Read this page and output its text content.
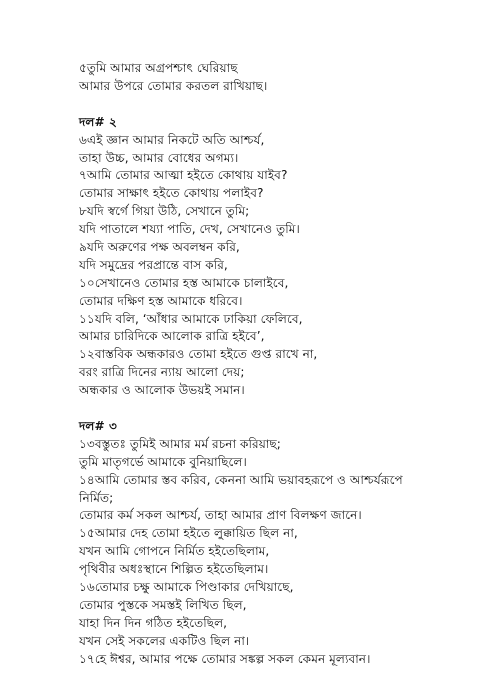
৫তুমি আমার অগ্রপশ্চাৎ ঘেরিয়াছ
আমার উপরে তোমার করতল রাখিয়াছ।
দল# ২
৬এই জ্ঞান আমার নিকটে অতি আশ্চর্য,
তাহা উচ্চ, আমার বোধের অগম্য।
৭আমি তোমার আত্মা হইতে কোথায় যাইব?
তোমার সাক্ষাৎ হইতে কোথায় পলাইব?
৮যদি স্বর্গে গিয়া উঠি, সেখানে তুমি;
যদি পাতালে শয্যা পাতি, দেখ, সেখানেও তুমি।
৯যদি অরুণের পক্ষ অবলম্বন করি,
যদি সমুদ্রের পরপ্রান্তে বাস করি,
১০সেখানেও তোমার হস্ত আমাকে চালাইবে,
তোমার দক্ষিণ হস্ত আমাকে ধরিবে।
১১যদি বলি, ‘আঁধার আমাকে ঢাকিয়া ফেলিবে,
আমার চারিদিকে আলোক রাত্রি হইবে’,
১২বাস্তবিক অন্ধকারও তোমা হইতে গুপ্ত রাখে না,
বরং রাত্রি দিনের ন্যায় আলো দেয়;
অন্ধকার ও আলোক উভয়ই সমান।
দল# ৩
১৩বস্তুতঃ তুমিই আমার মর্ম রচনা করিয়াছ;
তুমি মাতৃগর্ভে আমাকে বুনিয়াছিলে।
১৪আমি তোমার স্তব করিব, কেননা আমি ভয়াবহরূপে ও আশ্চর্যরূপে
নির্মিত;
তোমার কর্ম সকল আশ্চর্য, তাহা আমার প্রাণ বিলক্ষণ জানে।
১৫আমার দেহ তোমা হইতে লুক্কায়িত ছিল না,
যখন আমি গোপনে নির্মিত হইতেছিলাম,
পৃথিবীর অধঃস্থানে শিল্পিত হইতেছিলাম।
১৬তোমার চক্ষু আমাকে পিণ্ডাকার দেখিয়াছে,
তোমার পুস্তকে সমস্তই লিখিত ছিল,
যাহা দিন দিন গঠিত হইতেছিল,
যখন সেই সকলের একটিও ছিল না।
১৭হে ঈশ্বর, আমার পক্ষে তোমার সঙ্কল্প সকল কেমন মূল্যবান।
